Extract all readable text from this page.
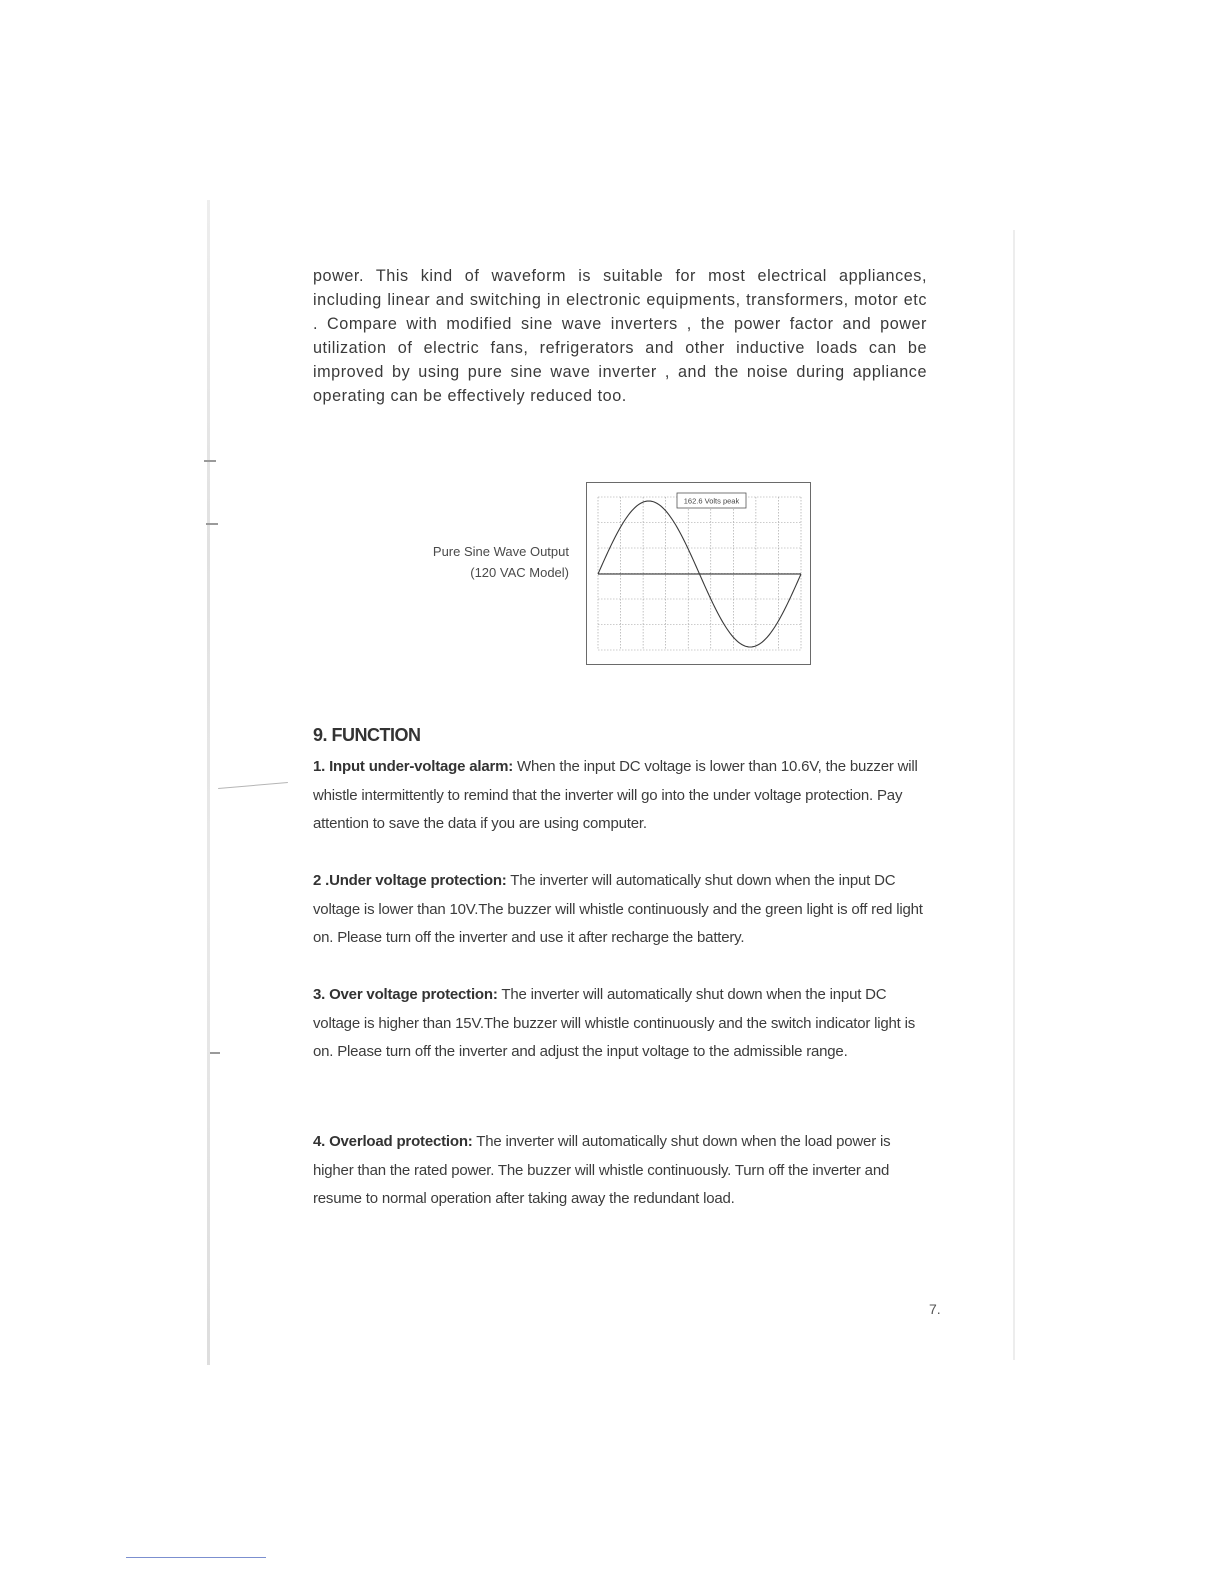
power. This kind of waveform is suitable for most electrical appliances, including linear and switching in electronic equipments, transformers, motor etc . Compare with modified sine wave inverters , the power factor and power utilization of electric fans, refrigerators and other inductive loads can be improved by using pure sine wave inverter , and the noise during appliance operating can be effectively reduced too.

Pure Sine Wave Output
(120 VAC Model)
162.6 Volts peak
9. FUNCTION

1. Input under-voltage alarm: When the input DC voltage is lower than 10.6V, the buzzer will whistle intermittently to remind that the inverter will go into the under voltage protection. Pay attention to save the data if you are using computer.

2 .Under voltage protection: The inverter will automatically shut down when the input DC voltage is lower than 10V.The buzzer will whistle continuously and the green light is off red light on. Please turn off the inverter and use it after recharge the battery.

3. Over voltage protection: The inverter will automatically shut down when the input DC voltage is higher than 15V.The buzzer will whistle continuously and the switch indicator light is on. Please turn off the inverter and adjust the input voltage to the admissible range.

4. Overload protection: The inverter will automatically shut down when the load power is higher than the rated power. The buzzer will whistle continuously. Turn off the inverter and resume to normal operation after taking away the redundant load.

7.
